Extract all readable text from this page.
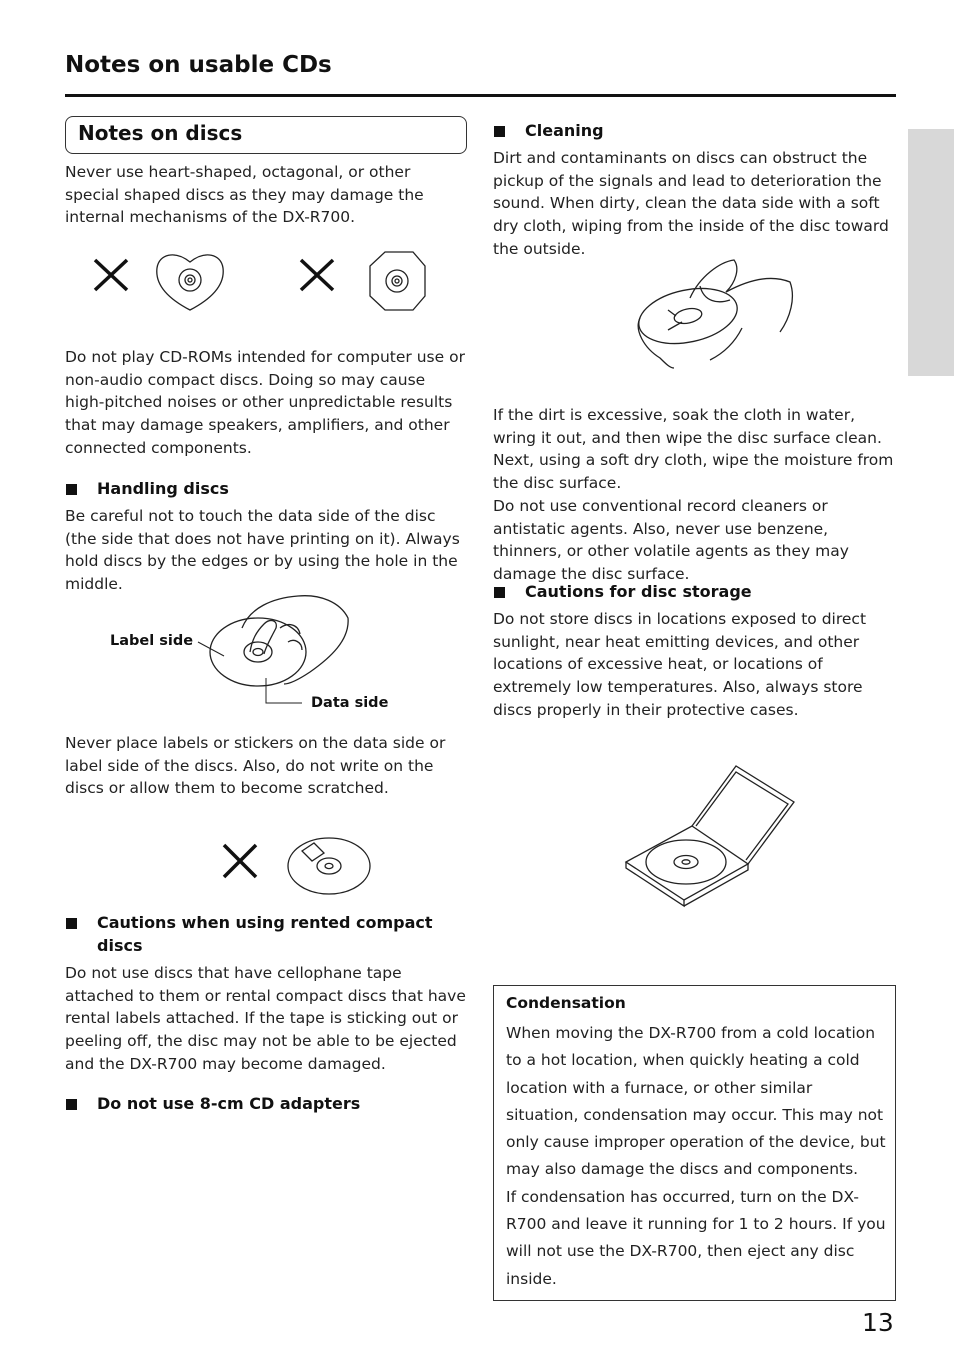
Notes on usable CDs
Notes on discs
Never use heart-shaped, octagonal, or other special shaped discs as they may damage the internal mechanisms of the DX-R700.
Do not play CD-ROMs intended for computer use or non-audio compact discs. Doing so may cause high-pitched noises or other unpredictable results that may damage speakers, amplifiers, and other connected components.
Handling discs
Be careful not to touch the data side of the disc (the side that does not have printing on it). Always hold discs by the edges or by using the hole in the middle.
Label side
Data side
Never place labels or stickers on the data side or label side of the discs. Also, do not write on the discs or allow them to become scratched.
Cautions when using rented compact
discs
Do not use discs that have cellophane tape attached to them or rental compact discs that have rental labels attached. If the tape is sticking out or peeling off, the disc may not be able to be ejected and the DX-R700 may become damaged.
Do not use 8-cm CD adapters
Cleaning
Dirt and contaminants on discs can obstruct the pickup of the signals and lead to deterioration the sound. When dirty, clean the data side with a soft dry cloth, wiping from the inside of the disc toward the outside.
If the dirt is excessive, soak the cloth in water, wring it out, and then wipe the disc surface clean. Next, using a soft dry cloth, wipe the moisture from the disc surface.
Do not use conventional record cleaners or antistatic agents. Also, never use benzene, thinners, or other volatile agents as they may damage the disc surface.
Cautions for disc storage
Do not store discs in locations exposed to direct sunlight, near heat emitting devices, and other locations of excessive heat, or locations of extremely low temperatures. Also, always store discs properly in their protective cases.
Condensation
When moving the DX-R700 from a cold location to a hot location, when quickly heating a cold location with a furnace, or other similar situation, condensation may occur. This may not only cause improper operation of the device, but may also damage the discs and components.
If condensation has occurred, turn on the DX-R700 and leave it running for 1 to 2 hours. If you will not use the DX-R700, then eject any disc inside.
13
